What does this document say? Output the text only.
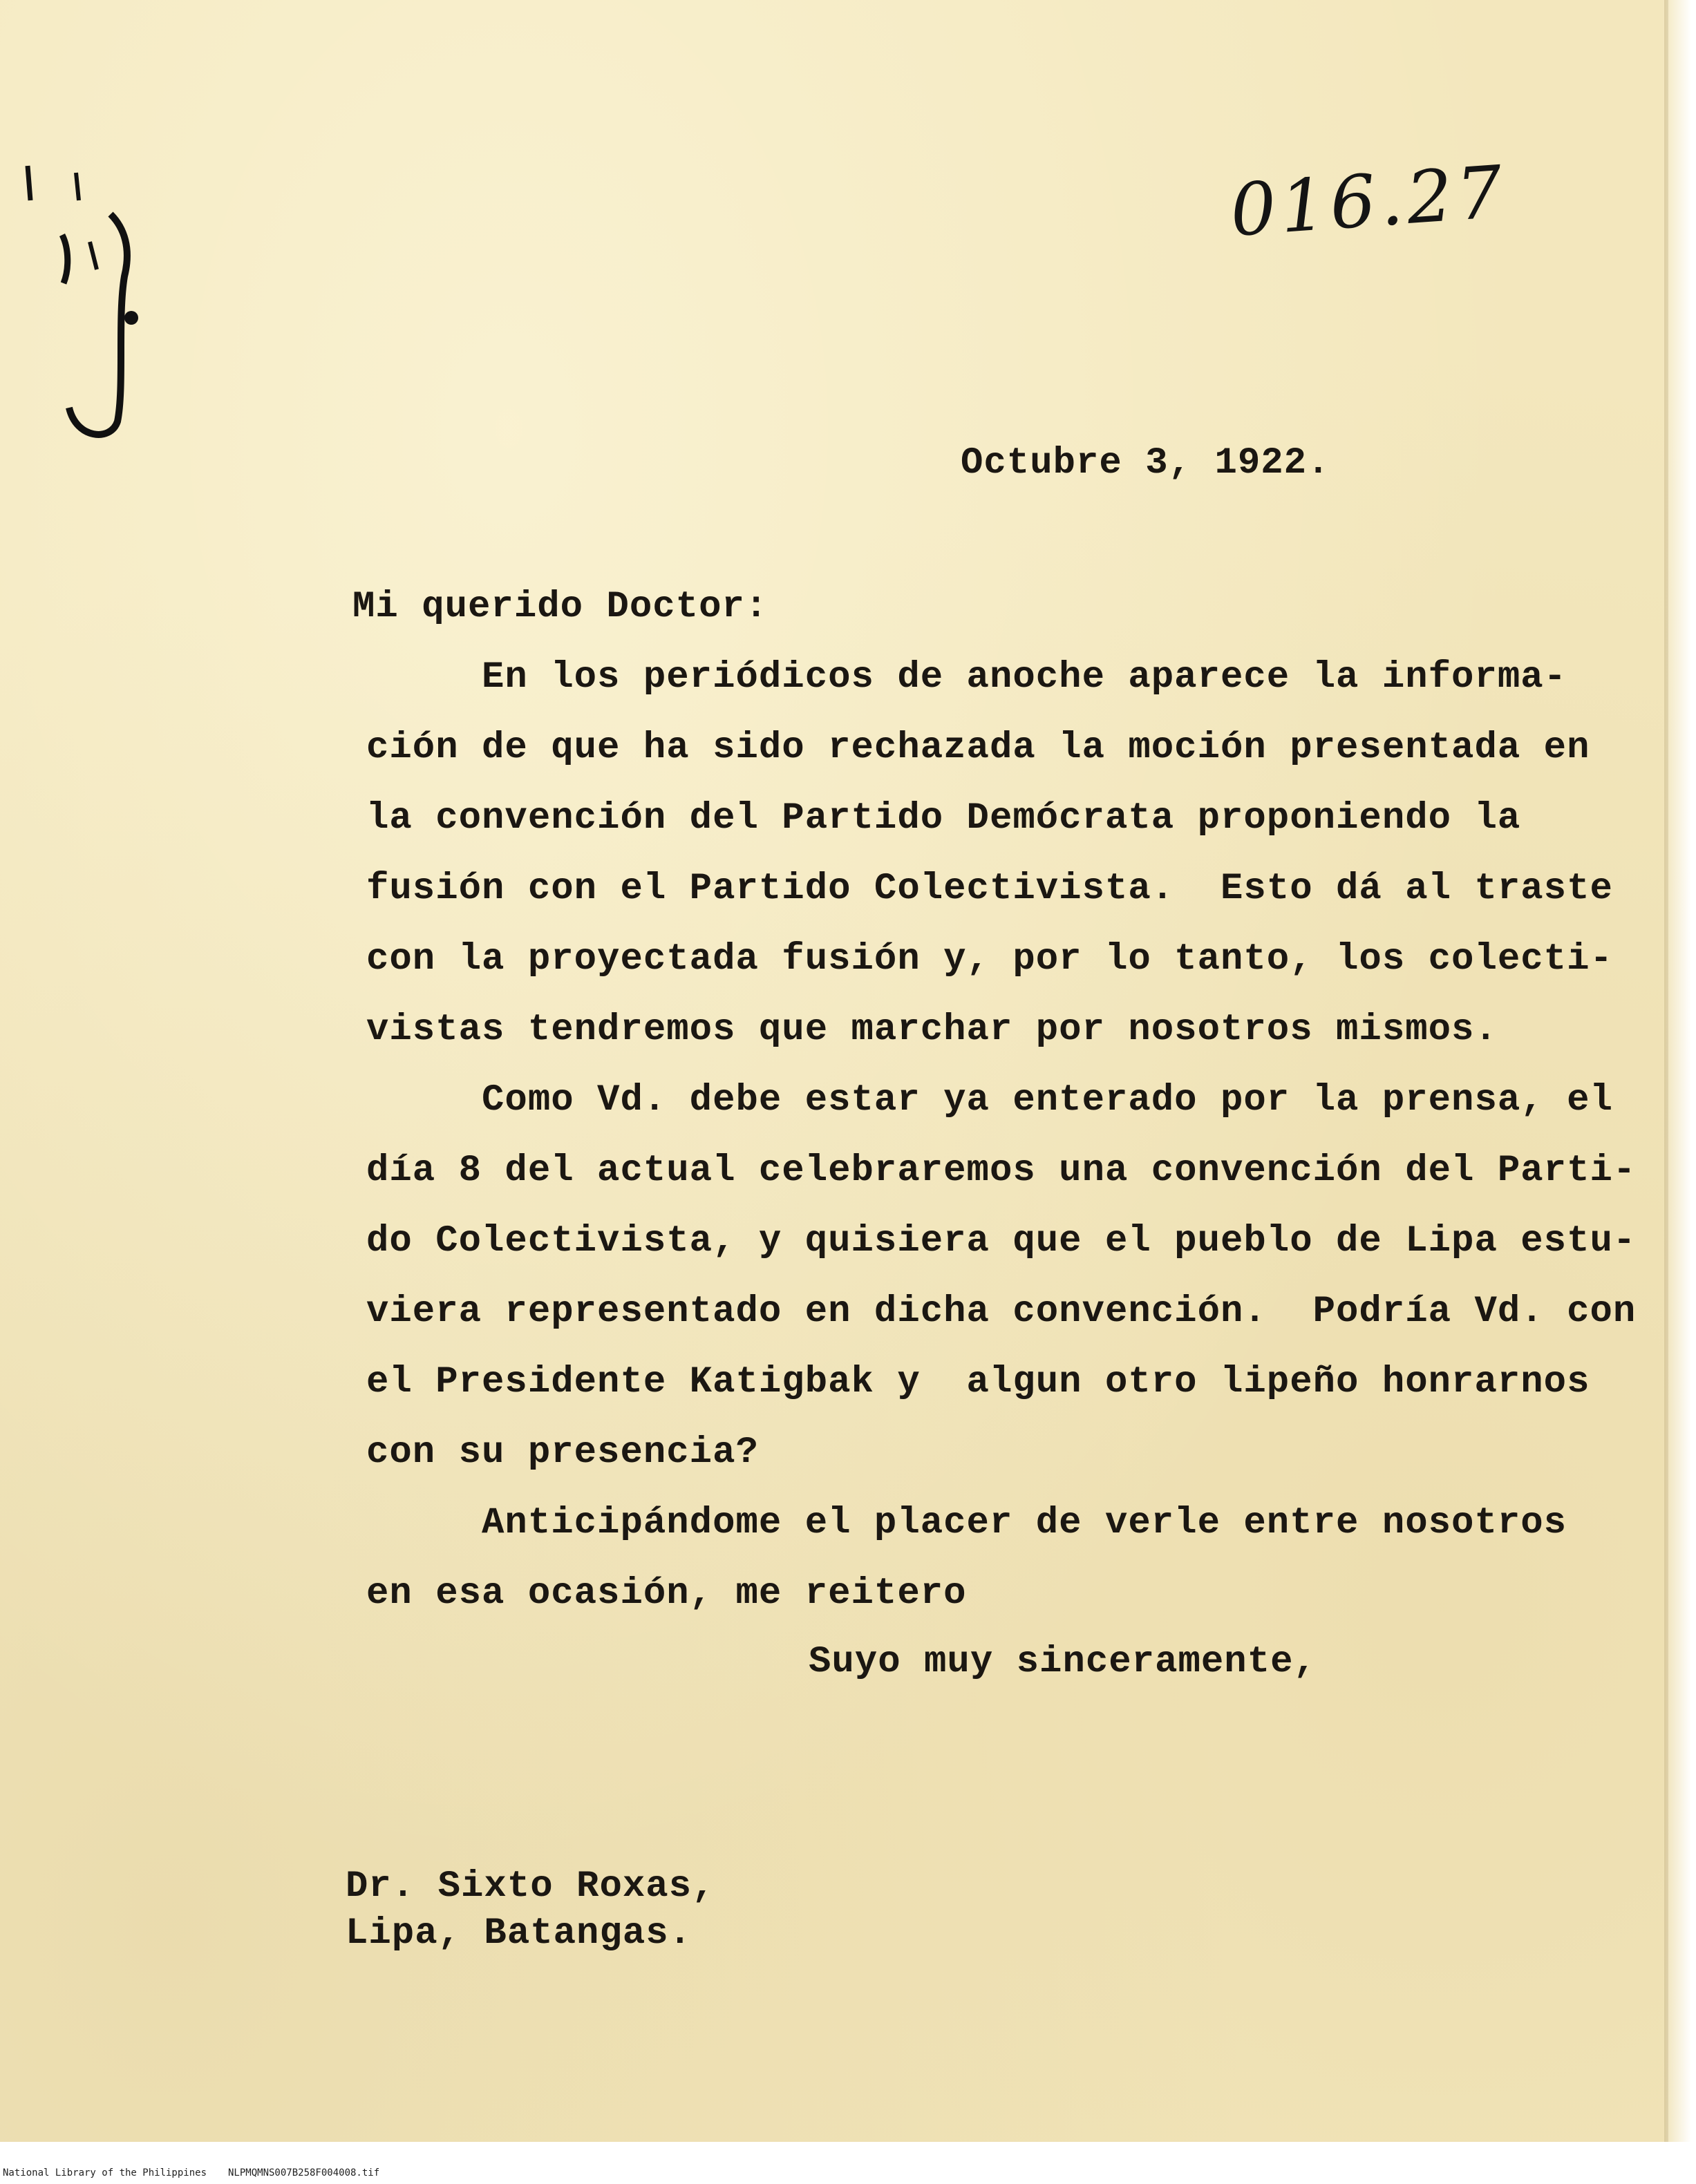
016.27
Octubre 3, 1922.
Mi querido Doctor:
En los periódicos de anoche aparece la informa-
ción de que ha sido rechazada la moción presentada en
la convención del Partido Demócrata proponiendo la
fusión con el Partido Colectivista.  Esto dá al traste
con la proyectada fusión y, por lo tanto, los colecti-
vistas tendremos que marchar por nosotros mismos.
Como Vd. debe estar ya enterado por la prensa, el
día 8 del actual celebraremos una convención del Parti-
do Colectivista, y quisiera que el pueblo de Lipa estu-
viera representado en dicha convención.  Podría Vd. con
el Presidente Katigbak y  algun otro lipeño honrarnos
con su presencia?
Anticipándome el placer de verle entre nosotros
en esa ocasión, me reitero
Suyo muy sinceramente,
Dr. Sixto Roxas,
Lipa, Batangas.
National Library of the Philippines NLPMQMNS007B258F004008.tif
